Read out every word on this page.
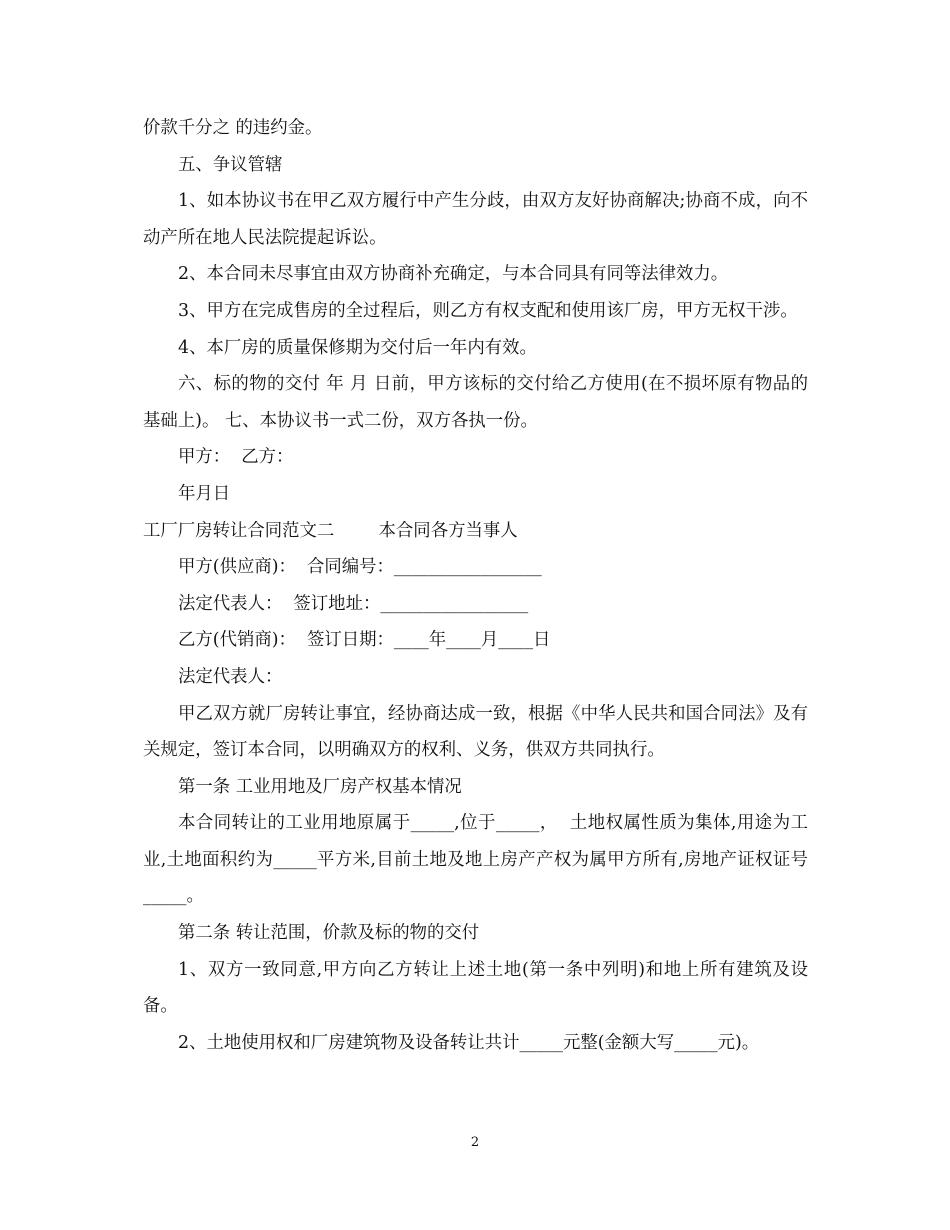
价款千分之 的违约金。

五、争议管辖

1、如本协议书在甲乙双方履行中产生分歧，由双方友好协商解决;协商不成，向不动产所在地人民法院提起诉讼。

2、本合同未尽事宜由双方协商补充确定，与本合同具有同等法律效力。

3、甲方在完成售房的全过程后，则乙方有权支配和使用该厂房，甲方无权干涉。

4、本厂房的质量保修期为交付后一年内有效。

六、标的物的交付 年 月 日前，甲方该标的交付给乙方使用(在不损坏原有物品的基础上)。 七、本协议书一式二份，双方各执一份。

甲方：  乙方：

年月日

工厂厂房转让合同范文二        本合同各方当事人

甲方(供应商)：  合同编号：_________________

法定代表人：  签订地址：_________________

乙方(代销商)：  签订日期：____年____月____日

法定代表人：

甲乙双方就厂房转让事宜，经协商达成一致，根据《中华人民共和国合同法》及有关规定，签订本合同，以明确双方的权利、义务，供双方共同执行。

第一条 工业用地及厂房产权基本情况

本合同转让的工业用地原属于_____,位于_____，  土地权属性质为集体,用途为工业,土地面积约为_____平方米,目前土地及地上房产产权为属甲方所有,房地产证权证号_____。

第二条 转让范围，价款及标的物的交付

1、双方一致同意,甲方向乙方转让上述土地(第一条中列明)和地上所有建筑及设备。

2、土地使用权和厂房建筑物及设备转让共计_____元整(金额大写_____元)。

2
